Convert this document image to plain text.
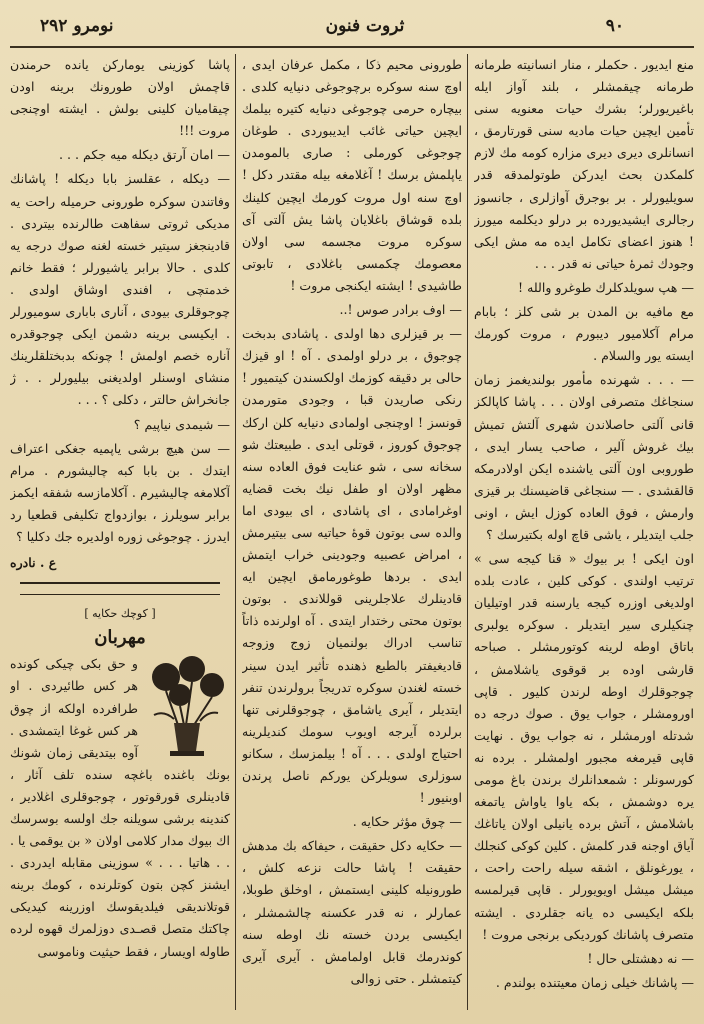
٩٠
ثروت فنون
نومرو ٢٩٢

منع ایدیور . حکملر ، منار انسانیته طرمانه طرمانه چیقمشلر ، بلند آواز ایله باغیریورلر؛ بشرك حیات معنویه سنی تأمین ایچین حیات مادیه سنی قورتارمق ، انسانلری دیری دیری مزاره کومه مك لازم کلمکدن بحث ایدرکن طوتولمدقه قدر سویلیورلر . بر بوجرق آوازلری ، جانسوز رجالری ایشیدیورده بر درلو دیکلمه میورز ! هنوز اعضای تکامل ایده مه مش ایکی وجودك ثمرۀ حیاتی نه قدر . . .

— هپ سویلدکلرك طوغرو والله !

مع مافیه بن المدن بر شی کلز ؛ بابام مرام آکلامیور دیبورم ، مروت کورمك ایسته یور والسلام .

— . . . شهرنده مأمور بولندیغمز زمان سنجاغك متصرفی اولان . . . پاشا کاپالکز قانی آلتی حاصلاندن شهری آلتش تمیش بیك غروش آلیر ، صاحب یسار ایدی ، طوروبی اون آلتی یاشنده ایکن اولادرمکه قالقشدی . — سنجاغی قاضیسنك بر قیزی وارمش ، فوق العاده کوزل ایش ، اونی جلب ایتدیلر ، یاشی قاچ اوله بکتیرسك ؟

اون ایکی ! بر بیوك « قنا کیجه سی » ترتیب اولندی . کوکی کلین ، عادت بلده اولدیغی اوزره کیجه یارسنه قدر اوتیلیان چنکیلری سیر ایتدیلر . سوکره یولبری باتاق اوطه لرینه کوتورمشلر . صباحه قارشی اوده بر قوقوی یاشلامش ، چوجوقلرك اوطه لرندن کلیور . قاپی اورومشلر ، جواب یوق . صوك درجه ده شدتله اورمشلر ، نه جواب یوق . نهایت قاپی قیرمغه مجبور اولمشلر . برده نه کورسونلر : شمعدانلرك برندن باغ مومی یره دوشمش ، بکه یاوا یاواش یاتمغه باشلامش ، آتش برده یانیلی اولان یاتاغك آیاق اوجنه قدر کلمش . کلین کوکی کنجلك ، یورغونلق ، اشقه سیله راحت راحت ، میشل میشل اویویورلر . قاپی قیرلمسه بلکه ایکیسی ده یانه جقلردی . ایشته متصرف پاشانك کوردیکی برنجی مروت !

— نه دهشتلی حال !

— پاشانك خیلی زمان معیتنده بولندم .

طورونی محیم ذکا ، مکمل عرفان ایدی ، اوچ سنه سوکره برچوجوغی دنیایه کلدی . بیچاره حرمی چوجوغی دنیایه کتیره بیلمك ایچین حیاتی غائب ایدیبوردی . طوغان چوجوغی کورملی : صاری بالمومدن یاپلمش برسك ! آغلامغه بیله مقتدر دکل ! اوچ سنه اول مروت کورمك ایچین کلینك بلده قوشاق باغلایان پاشا یش آلتی آی سوکره مروت مجسمه سی اولان معصومك چکمسی باغلادی ، تابوتی طاشیدی ! ایشته ایکنجی مروت !

— اوف برادر صوس !..

— بر قیزلری دها اولدی . پاشادی بدبخت چوجوق ، بر درلو اولمدی . آه ! او قیزك حالی بر دقیقه کوزمك اولکسندن کیتمیور ! رنکی صاریدن قبا ، وجودی متورمدن قونسز ! اوچنجی اولمادی دنیایه کلن ارکك چوجوق کوروز ، قوتلی ایدی . طبیعتك شو سخانه سی ، شو عنایت فوق العاده سنه مظهر اولان او طفل نیك بخت قضایه اوغرامادی ، ای پاشادی ، ای بیودی اما والده سی بوتون قوۀ حیاتیه سی بیتیرمش ، امراض عصبیه وجودینی خراب ایتمش ایدی . بردها طوغورمامق ایچین ایه قادینلرك علاجلرینی قوللاندی . بوتون بوتون محتی رختدار ایتدی . آه اولرنده ذاتاً تناسب ادراك بولنمیان زوج وزوجه قادیغیفتر بالطبع ذهنده تأثیر ایدن سینر خسته لغندن سوکره تدریجاً برولرندن تنفر ایتدیلر ، آیری یاشامق ، چوجوقلرنی تنها برلرده آیرجه اویوب سومك کندیلرینه احتیاج اولدی . . . آه ! بیلمزسك ، سکانو سوزلری سویلرکن یورکم ناصل پرندن اوبنیور !

— چوق مؤثر حکایه .

— حکایه دکل حقیقت ، حیفاکه بك مدهش حقیقت ! پاشا حالت نزعه کلش ، طورونیله کلینی ایستمش ، اوخلق طوبلا، عمارلر ، نه قدر عکسنه چالشمشلر ، ایکیسی بردن خسته نك اوطه سنه کوندرمك قابل اولمامش . آیری آیری کیتمشلر . حتی زوالی

پاشا کوزینی یومارکن یانده حرمندن قاچمش اولان طورونك برینه اودن چیقامیان کلینی بولش . ایشته اوچنجی مروت !!!

— امان آرتق دیکله میه جکم . . .

— دیکله ، عقلسز بابا دیکله ! پاشانك وفاتندن سوکره طورونی حرمیله راحت یه مدیکی ثروتی سفاهت طالرنده بیتردی . قادینجغز سیتیر خسته لغنه صوك درجه یه کلدی . حالا برابر یاشیورلر ؛ فقط خانم خدمتچی ، افندی اوشاق اولدی . چوجوقلری بیودی ، آناری باباری سومیورلر . ایکیسی برینه دشمن ایکی چوجوقدره آناره خصم اولمش ! چونکه بدبختلقلرینك منشای اوسنلر اولدیغنی بیلیورلر . . ژ جانخراش حالتر ، دکلی ؟ . . .

— شیمدی نیاپیم ؟

— سن هیچ برشی یاپمیه جغکی اعتراف ایتدك . بن بابا کبه چالیشورم . مرام آکلامغه چالیشیرم . آکلامازسه شفقه ایکمز برابر سویلرز ، بوازدواج تکلیفی قطعیا رد ایدرز . چوجوغی زوره اولدیره جك دکلیا ؟

ع . نادره
[ کوچك حکایه ]
مهربان

و حق بکی چیکی کونده هر کس طائیردی . او طرافرده اولکه از چوق هر کس غوغا ایتمشدی . آوه بیتدیقی زمان شونك بونك باغنده باغچه سنده تلف آثار ، قادینلری قورقوتور ، چوجوقلری اغلادیر ، کندینه برشی سویلنه جك اولسه بوسرسك اك بیوك مدار کلامی اولان « بن یوقمی یا . . . هاتیا . . . » سوزینی مقابله ایدردی . ایشنز کچن بتون کوتلرنده ، کومك برینه قوتلاندیقی فیلدیقوسك اوزرینه کیدیکی چاکتك متصل قصـدی دوزلمرك قهوه لرده طاوله اویسار ، فقط حیثیت وناموسی
